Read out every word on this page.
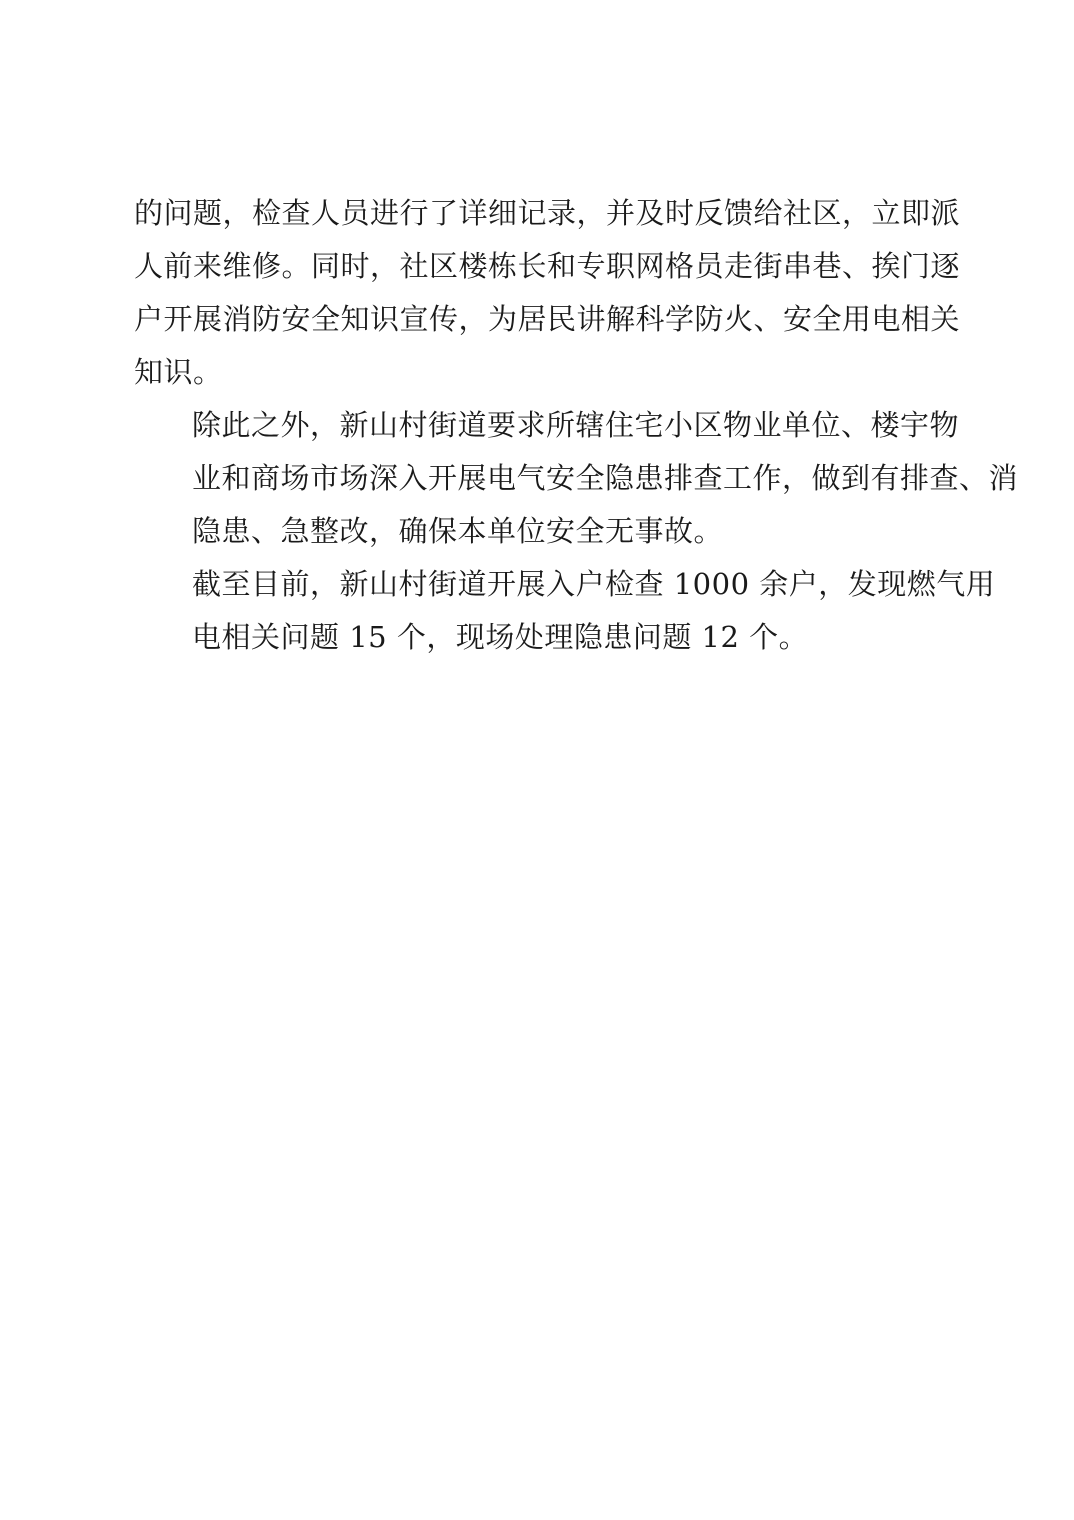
的问题，检查人员进行了详细记录，并及时反馈给社区，立即派
人前来维修。同时，社区楼栋长和专职网格员走街串巷、挨门逐
户开展消防安全知识宣传，为居民讲解科学防火、安全用电相关
知识。

除此之外，新山村街道要求所辖住宅小区物业单位、楼宇物
业和商场市场深入开展电气安全隐患排查工作，做到有排查、消
隐患、急整改，确保本单位安全无事故。

截至目前，新山村街道开展入户检查 1000 余户，发现燃气用
电相关问题 15 个，现场处理隐患问题 12 个。
